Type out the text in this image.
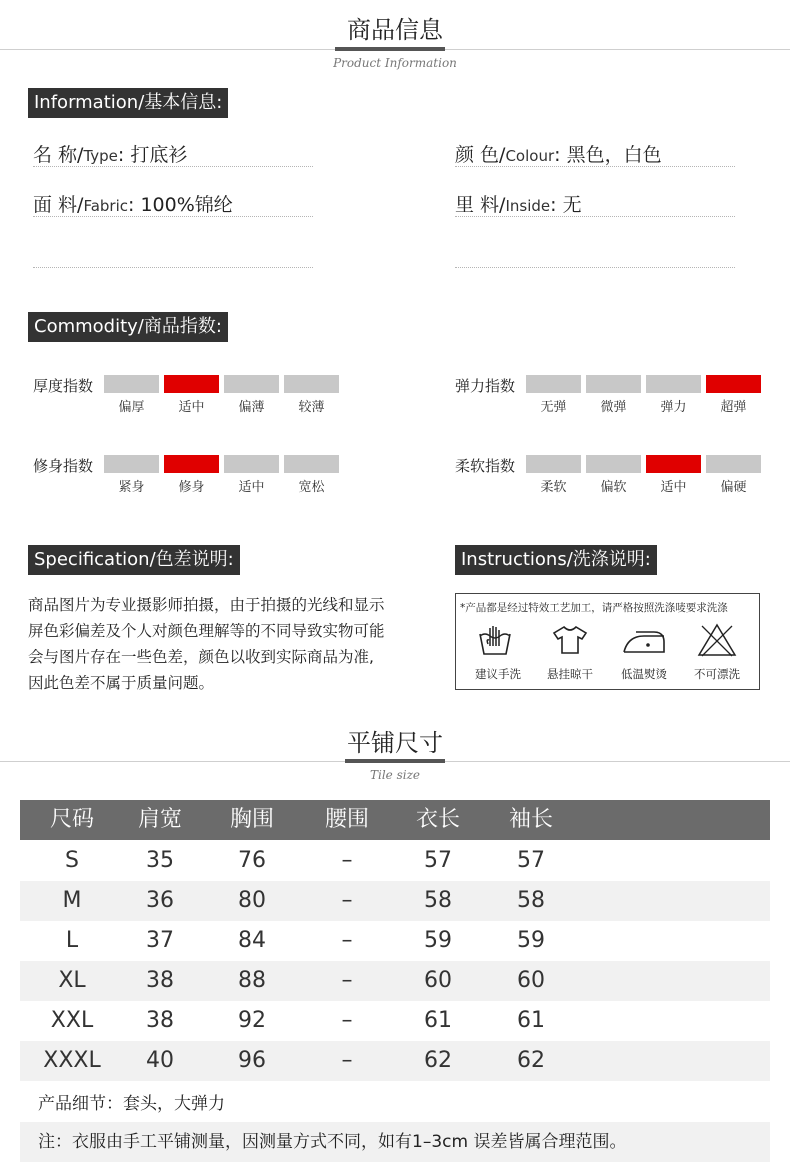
商品信息
Product Information
Information/基本信息:
名 称/Type: 打底衫	颜 色/Colour: 黑色，白色
面 料/Fabric: 100%锦纶	里 料/Inside: 无
Commodity/商品指数:
厚度指数
偏厚	适中	偏薄	较薄
弹力指数
无弹	微弹	弹力	超弹
修身指数
紧身	修身	适中	宽松
柔软指数
柔软	偏软	适中	偏硬
Specification/色差说明:
商品图片为专业摄影师拍摄，由于拍摄的光线和显示屏色彩偏差及个人对颜色理解等的不同导致实物可能会与图片存在一些色差，颜色以收到实际商品为准,因此色差不属于质量问题。
Instructions/洗涤说明:
*产品都是经过特效工艺加工，请严格按照洗涤唛要求洗涤
建议手洗	悬挂晾干	低温熨烫	不可漂洗
平铺尺寸
Tile size
尺码	肩宽	胸围	腰围	衣长	袖长
S	35	76	–	57	57
M	36	80	–	58	58
L	37	84	–	59	59
XL	38	88	–	60	60
XXL	38	92	–	61	61
XXXL	40	96	–	62	62
产品细节：套头，大弹力
注：衣服由手工平铺测量，因测量方式不同，如有1–3cm 误差皆属合理范围。
